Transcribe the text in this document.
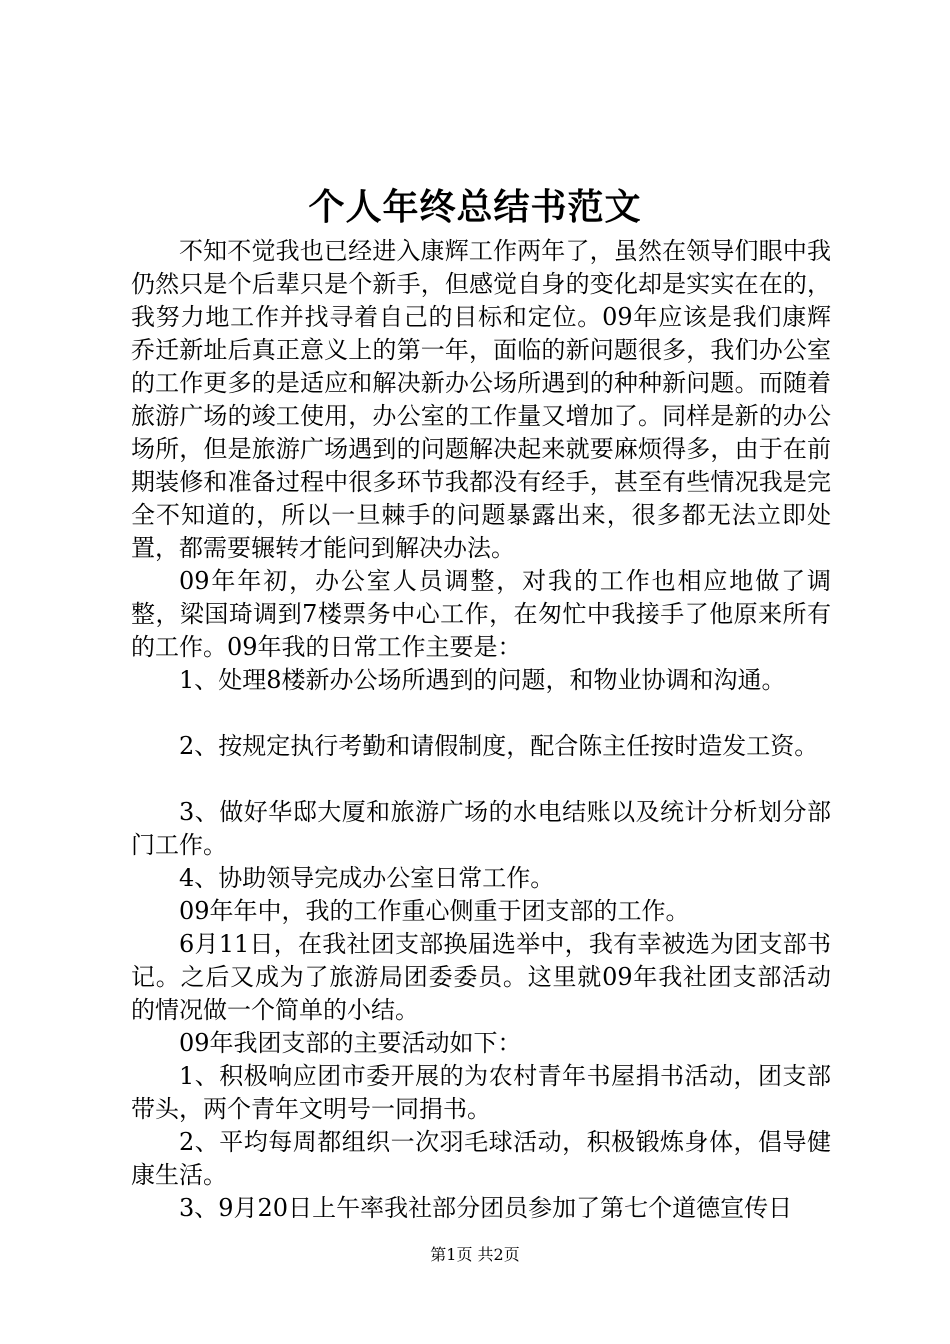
个人年终总结书范文

不知不觉我也已经进入康辉工作两年了，虽然在领导们眼中我仍然只是个后辈只是个新手，但感觉自身的变化却是实实在在的，我努力地工作并找寻着自己的目标和定位。09年应该是我们康辉乔迁新址后真正意义上的第一年，面临的新问题很多，我们办公室的工作更多的是适应和解决新办公场所遇到的种种新问题。而随着旅游广场的竣工使用，办公室的工作量又增加了。同样是新的办公场所，但是旅游广场遇到的问题解决起来就要麻烦得多，由于在前期装修和准备过程中很多环节我都没有经手，甚至有些情况我是完全不知道的，所以一旦棘手的问题暴露出来，很多都无法立即处置，都需要辗转才能问到解决办法。

09年年初，办公室人员调整，对我的工作也相应地做了调整，梁国琦调到7楼票务中心工作，在匆忙中我接手了他原来所有的工作。09年我的日常工作主要是：

1、处理8楼新办公场所遇到的问题，和物业协调和沟通。

2、按规定执行考勤和请假制度，配合陈主任按时造发工资。

3、做好华邸大厦和旅游广场的水电结账以及统计分析划分部门工作。

4、协助领导完成办公室日常工作。

09年年中，我的工作重心侧重于团支部的工作。

6月11日，在我社团支部换届选举中，我有幸被选为团支部书记。之后又成为了旅游局团委委员。这里就09年我社团支部活动的情况做一个简单的小结。

09年我团支部的主要活动如下：

1、积极响应团市委开展的为农村青年书屋捐书活动，团支部带头，两个青年文明号一同捐书。

2、平均每周都组织一次羽毛球活动，积极锻炼身体，倡导健康生活。

3、9月20日上午率我社部分团员参加了第七个道德宣传日

第1页 共2页
